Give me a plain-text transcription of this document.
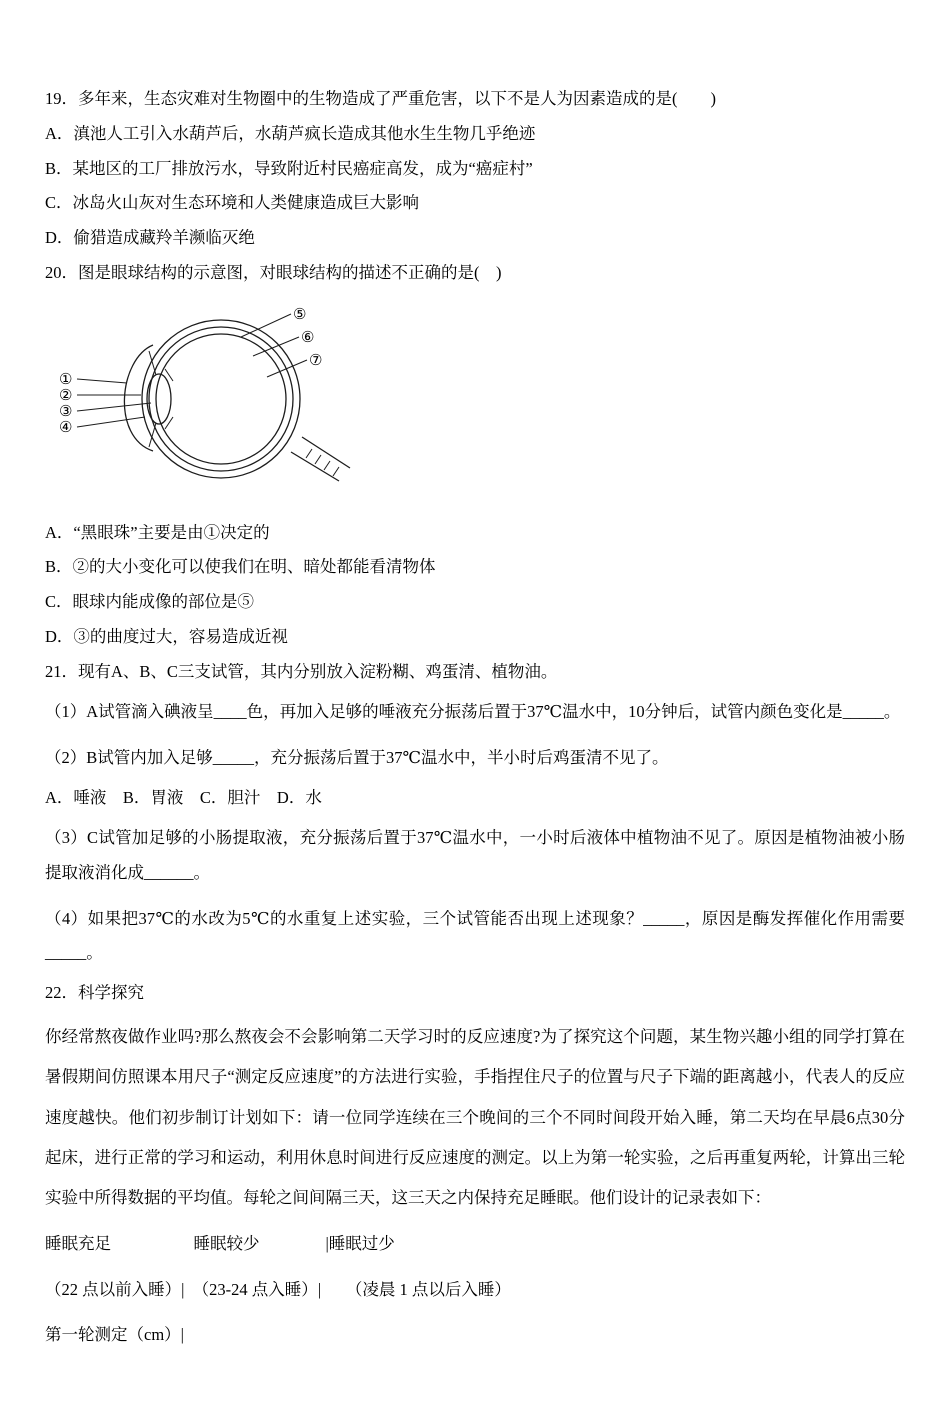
19．多年来，生态灾难对生物圈中的生物造成了严重危害，以下不是人为因素造成的是(　　)

A．滇池人工引入水葫芦后，水葫芦疯长造成其他水生生物几乎绝迹

B．某地区的工厂排放污水，导致附近村民癌症高发，成为“癌症村”

C．冰岛火山灰对生态环境和人类健康造成巨大影响

D．偷猎造成藏羚羊濒临灭绝

20．图是眼球结构的示意图，对眼球结构的描述不正确的是(　)

①
②
③
④
⑤
⑥
⑦

A．“黑眼珠”主要是由①决定的

B．②的大小变化可以使我们在明、暗处都能看清物体

C．眼球内能成像的部位是⑤

D．③的曲度过大，容易造成近视

21．现有A、B、C三支试管，其内分别放入淀粉糊、鸡蛋清、植物油。

（1）A试管滴入碘液呈____色，再加入足够的唾液充分振荡后置于37℃温水中，10分钟后，试管内颜色变化是_____。

（2）B试管内加入足够_____，充分振荡后置于37℃温水中，半小时后鸡蛋清不见了。

A．唾液　B．胃液　C．胆汁　D．水

（3）C试管加足够的小肠提取液，充分振荡后置于37℃温水中，一小时后液体中植物油不见了。原因是植物油被小肠提取液消化成______。

（4）如果把37℃的水改为5℃的水重复上述实验，三个试管能否出现上述现象？_____，原因是酶发挥催化作用需要 _____。

22．科学探究

你经常熬夜做作业吗?那么熬夜会不会影响第二天学习时的反应速度?为了探究这个问题，某生物兴趣小组的同学打算在暑假期间仿照课本用尺子“测定反应速度”的方法进行实验，手指捏住尺子的位置与尺子下端的距离越小，代表人的反应速度越快。他们初步制订计划如下：请一位同学连续在三个晚间的三个不同时间段开始入睡，第二天均在早晨6点30分起床，进行正常的学习和运动，利用休息时间进行反应速度的测定。以上为第一轮实验，之后再重复两轮，计算出三轮实验中所得数据的平均值。每轮之间间隔三天，这三天之内保持充足睡眠。他们设计的记录表如下：

睡眠充足　　　　　睡眠较少　　　　|睡眠过少

（22 点以前入睡）|　（23-24 点入睡）|　　（凌晨 1 点以后入睡）

第一轮测定（cm）|
